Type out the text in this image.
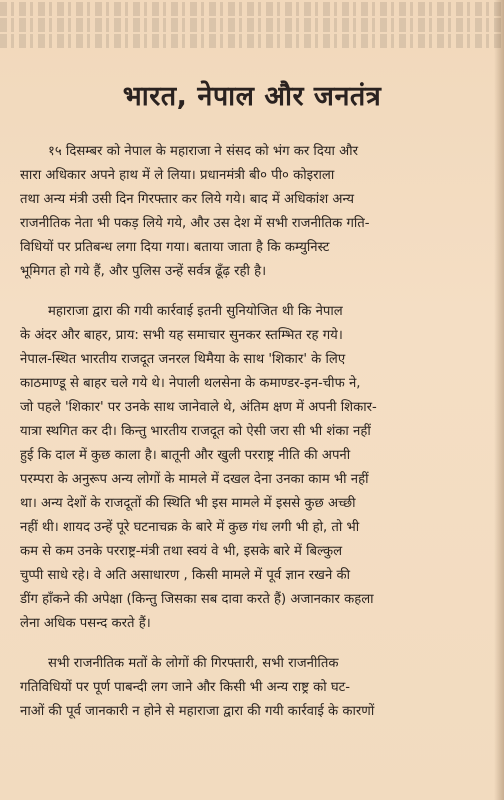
भारत, नेपाल और जनतंत्र

१५ दिसम्बर को नेपाल के महाराजा ने संसद को भंग कर दिया और
सारा अधिकार अपने हाथ में ले लिया। प्रधानमंत्री बी० पी० कोइराला
तथा अन्य मंत्री उसी दिन गिरफ्तार कर लिये गये। बाद में अधिकांश अन्य
राजनीतिक नेता भी पकड़ लिये गये, और उस देश में सभी राजनीतिक गति-
विधियों पर प्रतिबन्ध लगा दिया गया। बताया जाता है कि कम्युनिस्ट
भूमिगत हो गये हैं, और पुलिस उन्हें सर्वत्र ढूँढ़ रही है।

महाराजा द्वारा की गयी कार्रवाई इतनी सुनियोजित थी कि नेपाल
के अंदर और बाहर, प्राय: सभी यह समाचार सुनकर स्तम्भित रह गये।
नेपाल-स्थित भारतीय राजदूत जनरल थिमैया के साथ 'शिकार' के लिए
काठमाण्डू से बाहर चले गये थे। नेपाली थलसेना के कमाण्डर-इन-चीफ ने,
जो पहले 'शिकार' पर उनके साथ जानेवाले थे, अंतिम क्षण में अपनी शिकार-
यात्रा स्थगित कर दी। किन्तु भारतीय राजदूत को ऐसी जरा सी भी शंका नहीं
हुई कि दाल में कुछ काला है। बातूनी और खुली परराष्ट्र नीति की अपनी
परम्परा के अनुरूप अन्य लोगों के मामले में दखल देना उनका काम भी नहीं
था। अन्य देशों के राजदूतों की स्थिति भी इस मामले में इससे कुछ अच्छी
नहीं थी। शायद उन्हें पूरे घटनाचक्र के बारे में कुछ गंध लगी भी हो, तो भी
कम से कम उनके परराष्ट्र-मंत्री तथा स्वयं वे भी, इसके बारे में बिल्कुल
चुप्पी साधे रहे। वे अति असाधारण , किसी मामले में पूर्व ज्ञान रखने की
डींग हाँकने की अपेक्षा (किन्तु जिसका सब दावा करते हैं) अजानकार कहला
लेना अधिक पसन्द करते हैं।

सभी राजनीतिक मतों के लोगों की गिरफ्तारी, सभी राजनीतिक
गतिविधियों पर पूर्ण पाबन्दी लग जाने और किसी भी अन्य राष्ट्र को घट-
नाओं की पूर्व जानकारी न होने से महाराजा द्वारा की गयी कार्रवाई के कारणों
